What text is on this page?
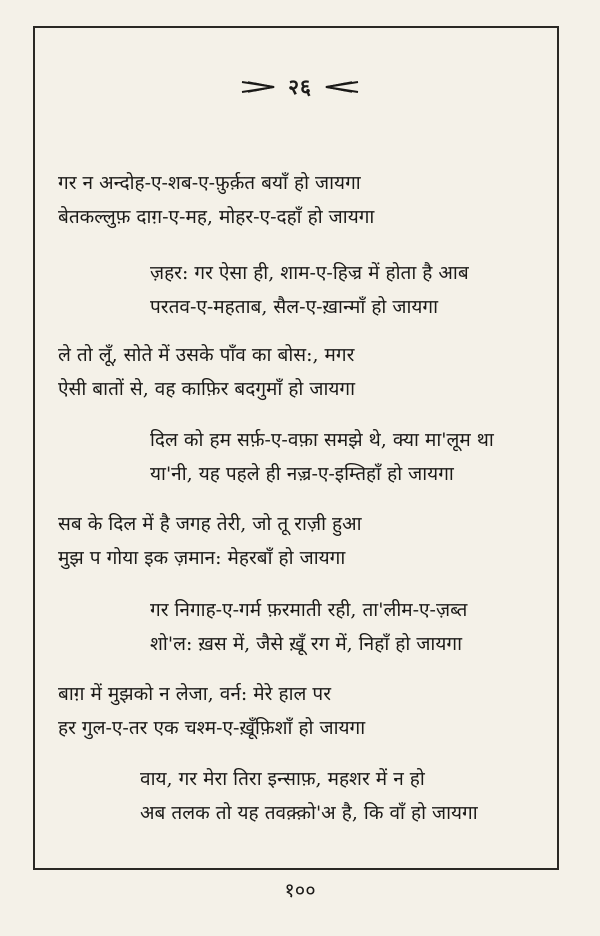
२६
गर न अन्दोह-ए-शब-ए-फ़ुर्क़त बयाँ हो जायगा
बेतकल्लुफ़ दाग़-ए-मह, मोहर-ए-दहाँ हो जायगा
ज़हर: गर ऐसा ही, शाम-ए-हिज्र में होता है आब
परतव-ए-महताब, सैल-ए-ख़ान्माँ हो जायगा
ले तो लूँ, सोते में उसके पाँव का बोस:, मगर
ऐसी बातों से, वह काफ़िर बदगुमाँ हो जायगा
दिल को हम सर्फ़-ए-वफ़ा समझे थे, क्या मा'लूम था
या'नी, यह पहले ही नज़्र-ए-इम्तिहाँ हो जायगा
सब के दिल में है जगह तेरी, जो तू राज़ी हुआ
मुझ प गोया इक ज़मान: मेहरबाँ हो जायगा
गर निगाह-ए-गर्म फ़रमाती रही, ता'लीम-ए-ज़ब्त
शो'ल: ख़स में, जैसे ख़ूँ रग में, निहाँ हो जायगा
बाग़ में मुझको न लेजा, वर्न: मेरे हाल पर
हर गुल-ए-तर एक चश्म-ए-ख़ूँफ़िशाँ हो जायगा
वाय, गर मेरा तिरा इन्साफ़, महशर में न हो
अब तलक तो यह तवक़्क़ो'अ है, कि वाँ हो जायगा
१००
